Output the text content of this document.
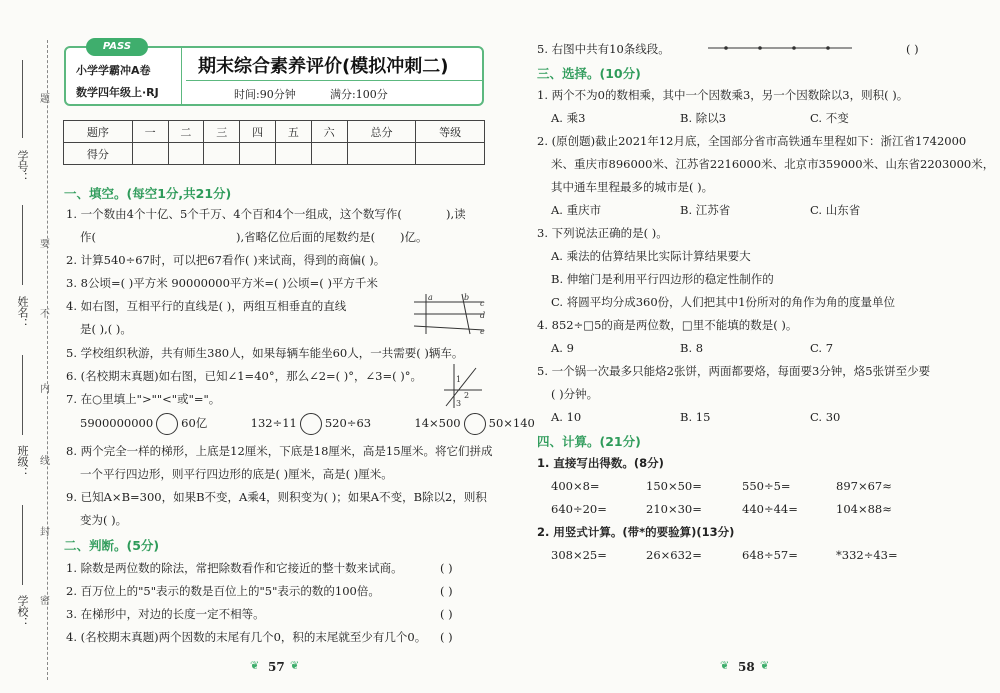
学号：
姓名：
班级：
学校：
题
要
不
内
线
封
密
PASS
小学学霸冲A卷
数学四年级上·RJ
期末综合素养评价(模拟冲刺二)
时间:90分钟	满分:100分
题序	一	二	三	四	五	六	总分	等级
得分								
一、填空。(每空1分,共21分)
1. 一个数由4个十亿、5个千万、4个百和4个一组成，这个数写作(	),读
作(	),省略亿位后面的尾数约是( )亿。
2. 计算540÷67时，可以把67看作( )来试商，得到的商偏( )。
3. 8公顷=( )平方米 90000000平方米=( )公顷=( )平方千米
4. 如右图，互相平行的直线是( )，两组互相垂直的直线
是( ),( )。
a	b
c
d
e
5. 学校组织秋游，共有师生380人，如果每辆车能坐60人，一共需要( )辆车。
6. (名校期末真题)如右图，已知∠1=40°，那么∠2=( )°，∠3=( )°。	1
2
3
7. 在○里填上">""<"或"="。
5900000000 60亿	132÷11 520÷63	14×500 50×140
8. 两个完全一样的梯形，上底是12厘米，下底是18厘米，高是15厘米。将它们拼成
一个平行四边形，则平行四边形的底是( )厘米，高是( )厘米。
9. 已知A×B=300，如果B不变，A乘4，则积变为( )；如果A不变，B除以2，则积
变为( )。
二、判断。(5分)
1. 除数是两位数的除法，常把除数看作和它接近的整十数来试商。	( )
2. 百万位上的"5"表示的数是百位上的"5"表示的数的100倍。	( )
3. 在梯形中，对边的长度一定不相等。	( )
4. (名校期末真题)两个因数的末尾有几个0，积的末尾就至少有几个0。 ( )
57
❦	❦
5. 右图中共有10条线段。	( )
三、选择。(10分)
1. 两个不为0的数相乘，其中一个因数乘3，另一个因数除以3，则积( )。
A. 乘3	B. 除以3	C. 不变
2. (原创题)截止2021年12月底，全国部分省市高铁通车里程如下：浙江省1742000
米、重庆市896000米、江苏省2216000米、北京市359000米、山东省2203000米，
其中通车里程最多的城市是( )。
A. 重庆市	B. 江苏省	C. 山东省
3. 下列说法正确的是( )。
A. 乘法的估算结果比实际计算结果要大
B. 伸缩门是利用平行四边形的稳定性制作的
C. 将圆平均分成360份，人们把其中1份所对的角作为角的度量单位
4. 852÷□5的商是两位数，□里不能填的数是( )。
A. 9	B. 8	C. 7
5. 一个锅一次最多只能烙2张饼，两面都要烙，每面要3分钟，烙5张饼至少要
( )分钟。
A. 10	B. 15	C. 30
四、计算。(21分)
1. 直接写出得数。(8分)
400×8=	150×50=	550÷5=	897×67≈
640÷20=	210×30=	440÷44=	104×88≈
2. 用竖式计算。(带*的要验算)(13分)
308×25=	26×632=	648÷57=	*332÷43=
58
❦	❦
